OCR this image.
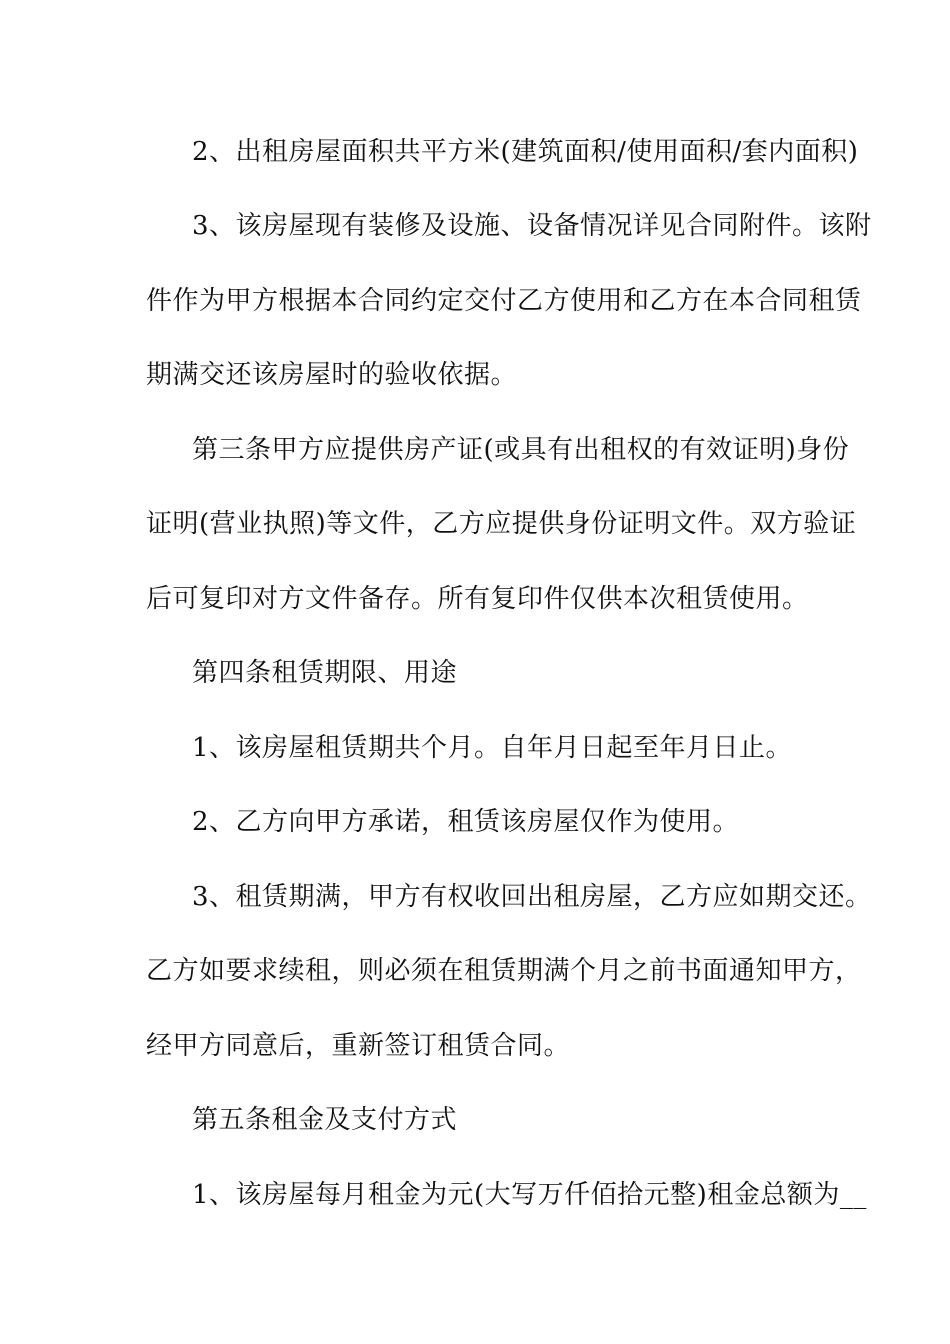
2、出租房屋面积共平方米(建筑面积/使用面积/套内面积)
3、该房屋现有装修及设施、设备情况详见合同附件。该附
件作为甲方根据本合同约定交付乙方使用和乙方在本合同租赁
期满交还该房屋时的验收依据。
第三条甲方应提供房产证(或具有出租权的有效证明)身份
证明(营业执照)等文件，乙方应提供身份证明文件。双方验证
后可复印对方文件备存。所有复印件仅供本次租赁使用。
第四条租赁期限、用途
1、该房屋租赁期共个月。自年月日起至年月日止。
2、乙方向甲方承诺，租赁该房屋仅作为使用。
3、租赁期满，甲方有权收回出租房屋，乙方应如期交还。
乙方如要求续租，则必须在租赁期满个月之前书面通知甲方，
经甲方同意后，重新签订租赁合同。
第五条租金及支付方式
1、该房屋每月租金为元(大写万仟佰拾元整)租金总额为__
